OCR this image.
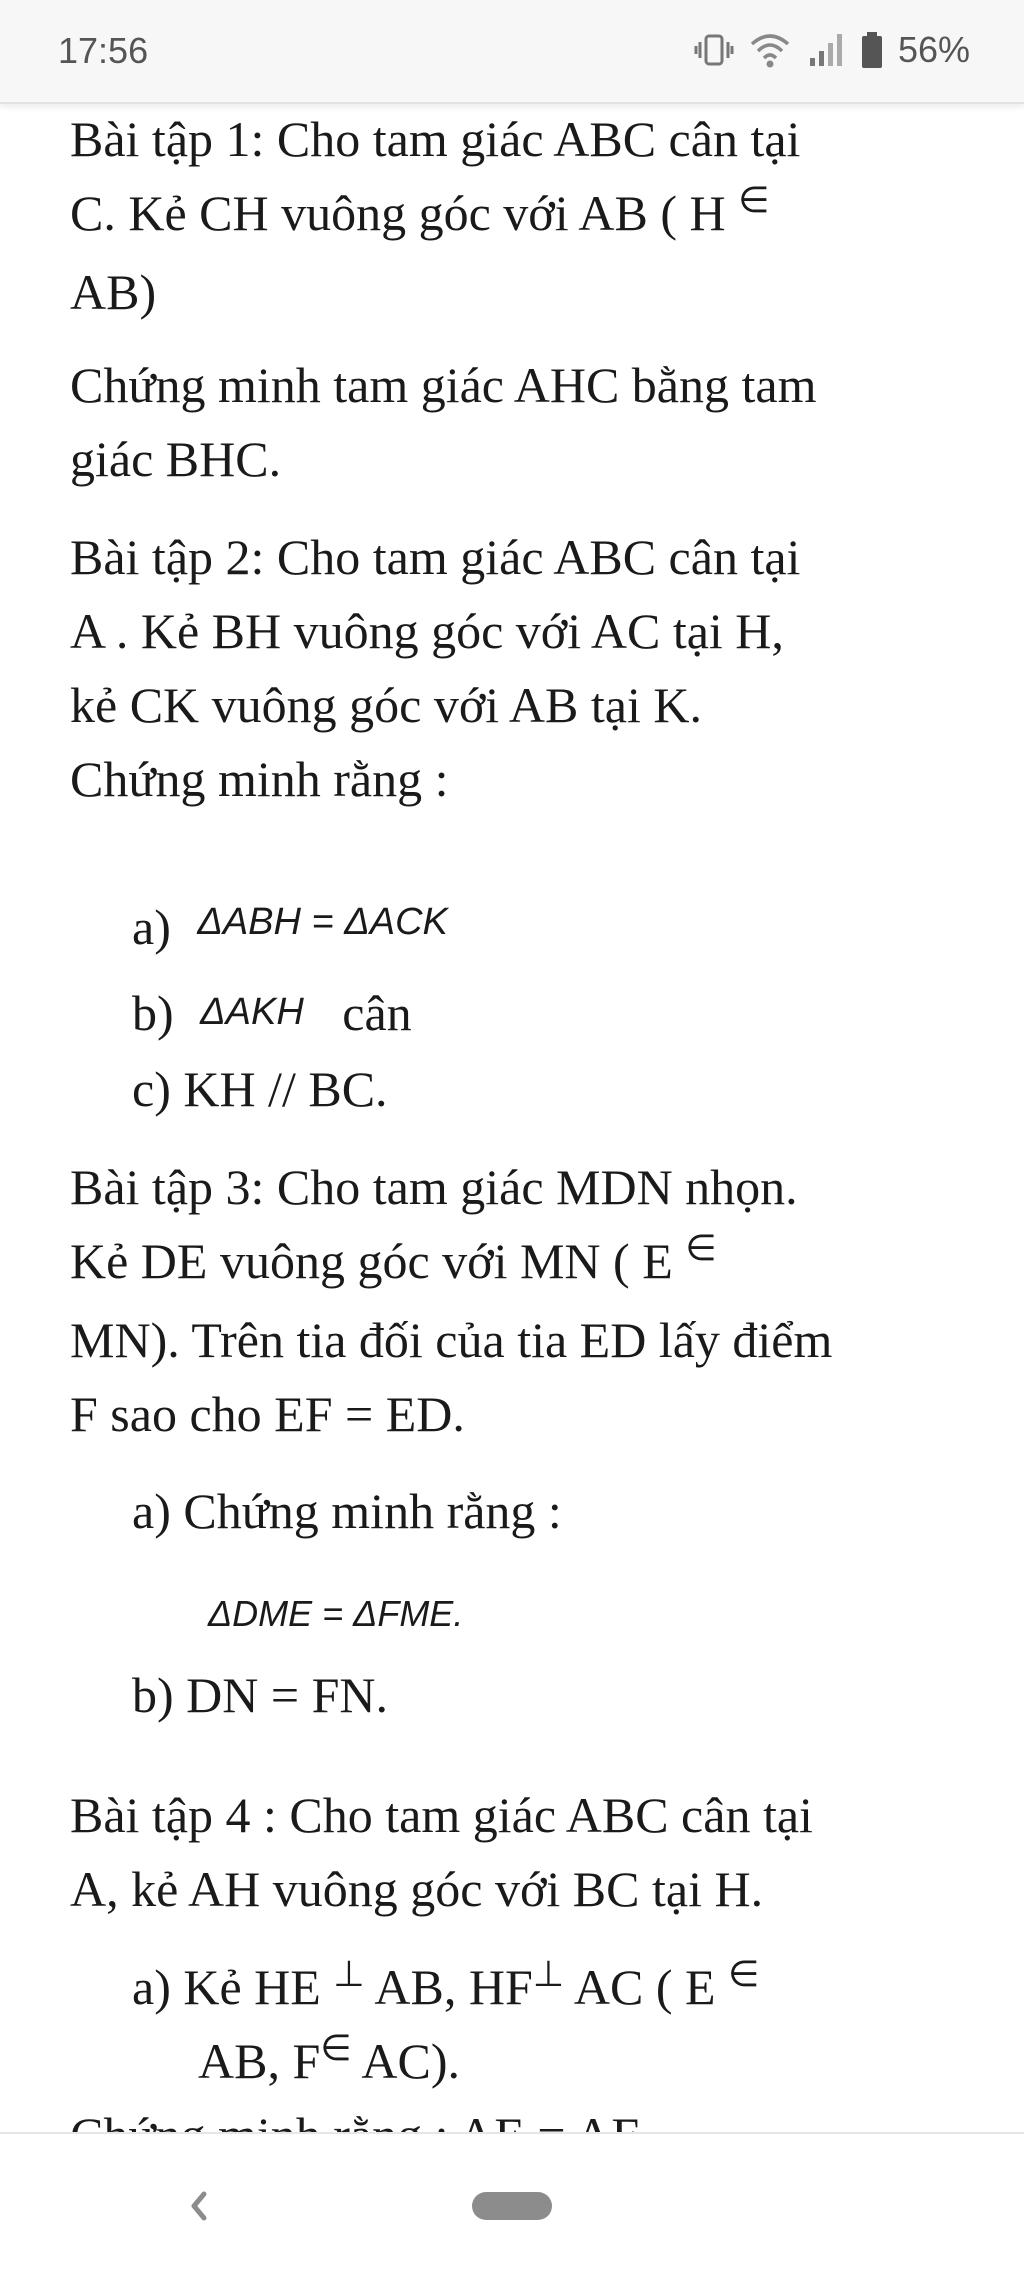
17:56	56%
Bài tập 1: Cho tam giác ABC cân tại
C. Kẻ CH vuông góc với AB ( H ∈
AB)
Chứng minh tam giác AHC bằng tam
giác BHC.
Bài tập 2: Cho tam giác ABC cân tại
A . Kẻ BH vuông góc với AC tại H,
kẻ CK vuông góc với AB tại K.
Chứng minh rằng :
a) $^{\Delta ABH = \Delta ACK}$
b) ΔAKH cân
c) KH // BC.
Bài tập 3: Cho tam giác MDN nhọn.
Kẻ DE vuông góc với MN ( E ∈
MN). Trên tia đối của tia ED lấy điểm
F sao cho EF = ED.
a) Chứng minh rằng :
ΔDME = ΔFME.
b) DN = FN.
Bài tập 4 : Cho tam giác ABC cân tại
A, kẻ AH vuông góc với BC tại H.
a) Kẻ HE ⊥ AB, HF⊥ AC ( E ∈
AB, F∈ AC).
